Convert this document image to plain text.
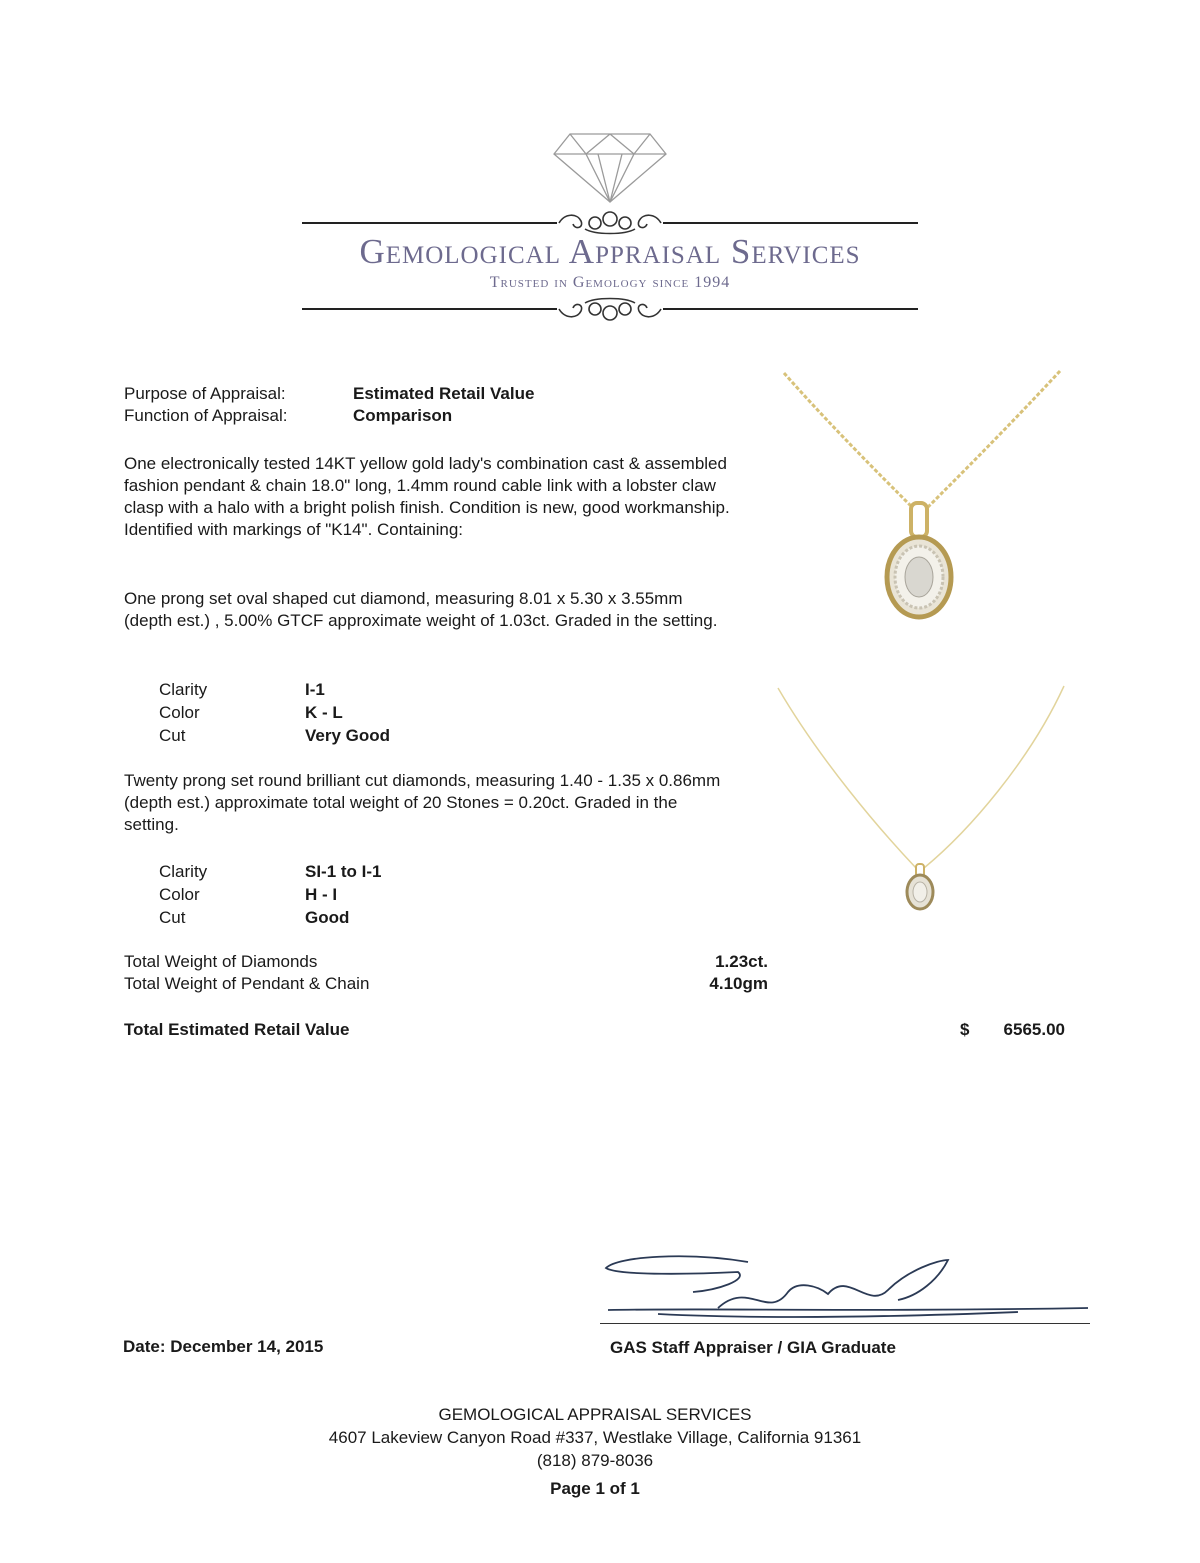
Gemological Appraisal Services
Trusted in Gemology since 1994
Purpose of Appraisal:	Estimated Retail Value
Function of Appraisal:	Comparison
One electronically tested 14KT yellow gold lady's combination cast & assembled fashion pendant & chain 18.0" long, 1.4mm round cable link with a lobster claw clasp with a halo with a bright polish finish. Condition is new, good workmanship. Identified with markings of "K14". Containing:
One prong set oval shaped cut diamond, measuring 8.01 x 5.30 x 3.55mm (depth est.) , 5.00% GTCF approximate weight of 1.03ct. Graded in the setting.
Clarity	I-1
Color	K - L
Cut	Very Good
Twenty prong set round brilliant cut diamonds, measuring 1.40 - 1.35 x 0.86mm (depth est.) approximate total weight of 20 Stones = 0.20ct. Graded in the setting.
Clarity	SI-1 to I-1
Color	H - I
Cut	Good
Total Weight of Diamonds	1.23ct.
Total Weight of Pendant & Chain	4.10gm
Total Estimated Retail Value	$	6565.00
Date: December 14, 2015	GAS Staff Appraiser / GIA Graduate
GEMOLOGICAL APPRAISAL SERVICES
4607 Lakeview Canyon Road #337, Westlake Village, California 91361
(818) 879-8036
Page 1 of 1
